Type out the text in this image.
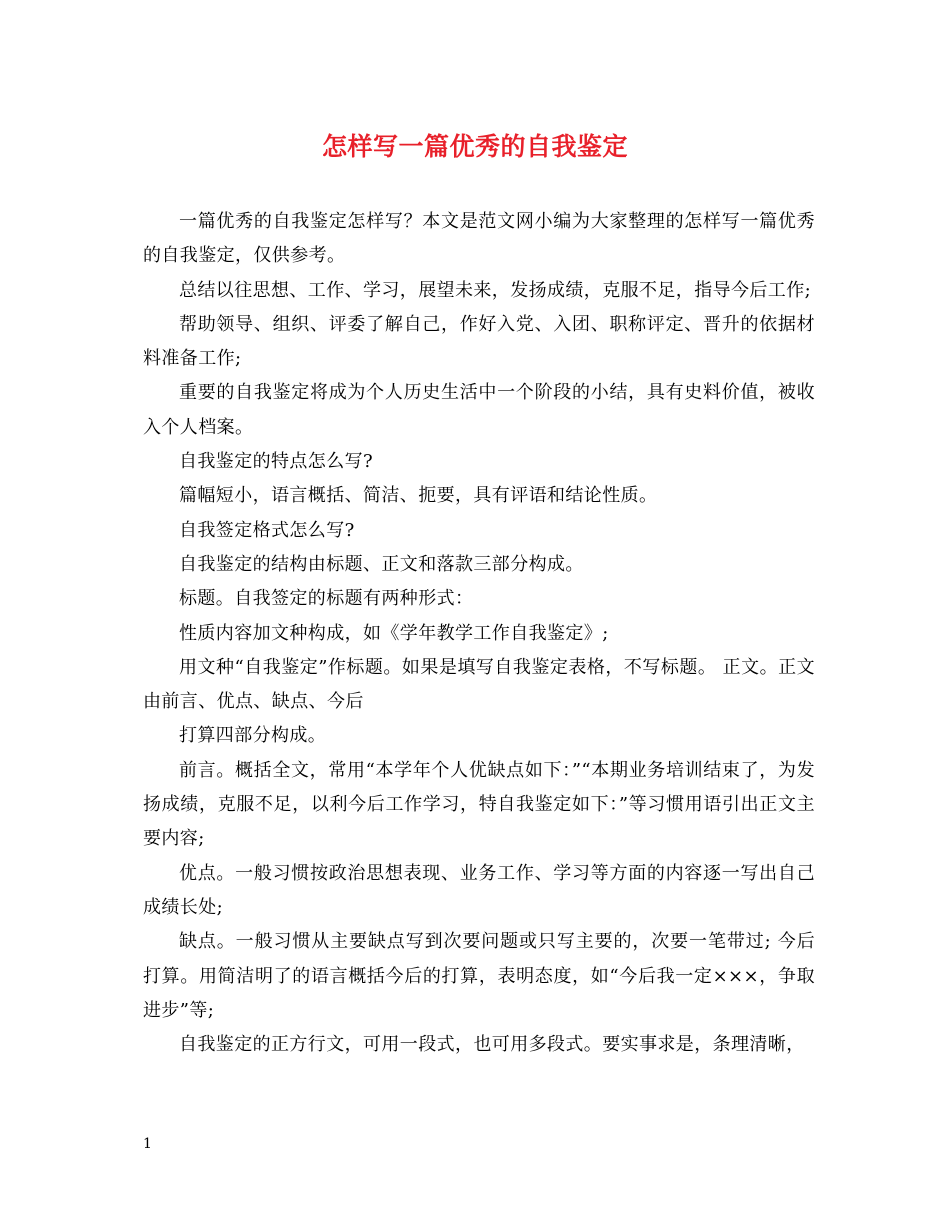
怎样写一篇优秀的自我鉴定

一篇优秀的自我鉴定怎样写？本文是范文网小编为大家整理的怎样写一篇优秀的自我鉴定，仅供参考。

总结以往思想、工作、学习，展望未来，发扬成绩，克服不足，指导今后工作;

帮助领导、组织、评委了解自己，作好入党、入团、职称评定、晋升的依据材料准备工作;

重要的自我鉴定将成为个人历史生活中一个阶段的小结，具有史料价值，被收入个人档案。

自我鉴定的特点怎么写?

篇幅短小，语言概括、简洁、扼要，具有评语和结论性质。

自我签定格式怎么写?

自我鉴定的结构由标题、正文和落款三部分构成。

标题。自我签定的标题有两种形式：

性质内容加文种构成，如《学年教学工作自我鉴定》;

用文种“自我鉴定”作标题。如果是填写自我鉴定表格，不写标题。 正文。正文由前言、优点、缺点、今后

打算四部分构成。

前言。概括全文，常用“本学年个人优缺点如下：”“本期业务培训结束了，为发扬成绩，克服不足，以利今后工作学习，特自我鉴定如下：”等习惯用语引出正文主要内容;

优点。一般习惯按政治思想表现、业务工作、学习等方面的内容逐一写出自己成绩长处;

缺点。一般习惯从主要缺点写到次要问题或只写主要的，次要一笔带过; 今后打算。用简洁明了的语言概括今后的打算，表明态度，如“今后我一定×××，争取进步”等;

自我鉴定的正方行文，可用一段式，也可用多段式。要实事求是，条理清晰，

1
